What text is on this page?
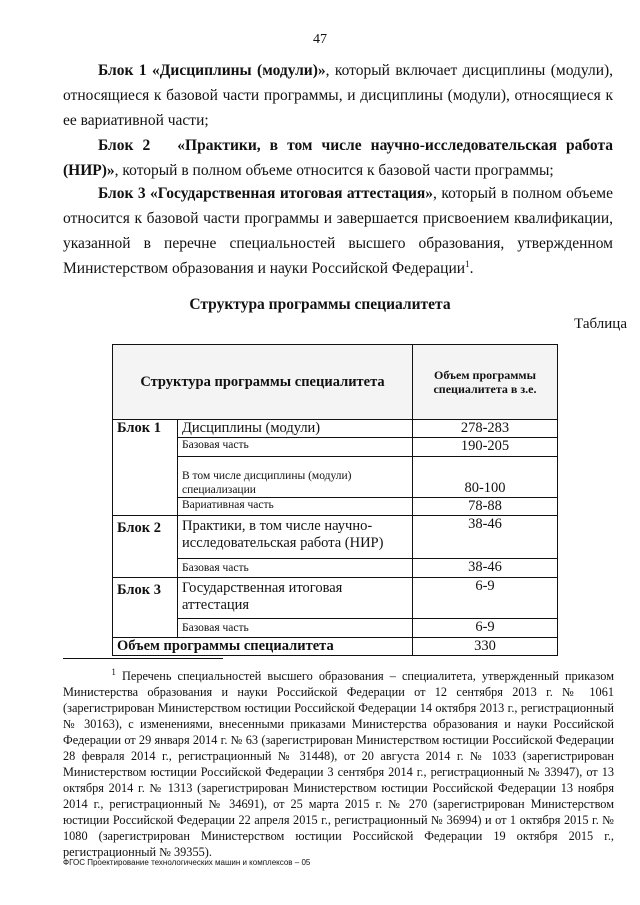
47
Блок 1 «Дисциплины (модули)», который включает дисциплины (модули), относящиеся к базовой части программы, и дисциплины (модули), относящиеся к ее вариативной части;
Блок 2 «Практики, в том числе научно-исследовательская работа (НИР)», который в полном объеме относится к базовой части программы;
Блок 3 «Государственная итоговая аттестация», который в полном объеме относится к базовой части программы и завершается присвоением квалификации, указанной в перечне специальностей высшего образования, утвержденном Министерством образования и науки Российской Федерации$^1$.
Структура программы специалитета
Таблица
Структура программы специалитета		Объем программы специалитета в з.е.
Блок 1	Дисциплины (модули)	278-283
	Базовая часть	190-205
	В том числе дисциплины (модули) специализации	80-100
	Вариативная часть	78-88
Блок 2	Практики, в том числе научно-исследовательская работа (НИР)	38-46
	Базовая часть	38-46
Блок 3	Государственная итоговая аттестация	6-9
	Базовая часть	6-9
Объем программы специалитета		330
$^1$ Перечень специальностей высшего образования – специалитета, утвержденный приказом Министерства образования и науки Российской Федерации от 12 сентября 2013 г. № 1061 (зарегистрирован Министерством юстиции Российской Федерации 14 октября 2013 г., регистрационный № 30163), с изменениями, внесенными приказами Министерства образования и науки Российской Федерации от 29 января 2014 г. № 63 (зарегистрирован Министерством юстиции Российской Федерации 28 февраля 2014 г., регистрационный № 31448), от 20 августа 2014 г. № 1033 (зарегистрирован Министерством юстиции Российской Федерации 3 сентября 2014 г., регистрационный № 33947), от 13 октября 2014 г. № 1313 (зарегистрирован Министерством юстиции Российской Федерации 13 ноября 2014 г., регистрационный № 34691), от 25 марта 2015 г. № 270 (зарегистрирован Министерством юстиции Российской Федерации 22 апреля 2015 г., регистрационный № 36994) и от 1 октября 2015 г. № 1080 (зарегистрирован Министерством юстиции Российской Федерации 19 октября 2015 г., регистрационный № 39355).
ФГОС Проектирование технологических машин и комплексов – 05
